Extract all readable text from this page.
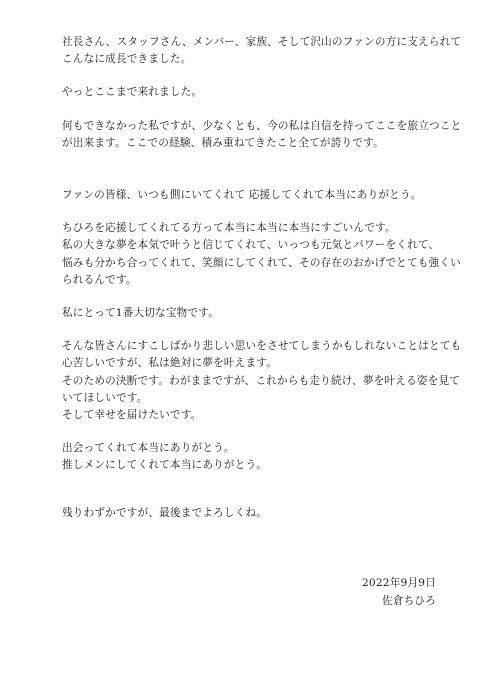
社長さん、スタッフさん、メンバー、家族、そして沢山のファンの方に支えられて
こんなに成長できました。

やっとここまで来れました。

何もできなかった私ですが、少なくとも、今の私は自信を持ってここを旅立つこと
が出来ます。ここでの経験、積み重ねてきたこと全てが誇りです。

ファンの皆様、いつも側にいてくれて 応援してくれて本当にありがとう。

ちひろを応援してくれてる方って本当に本当に本当にすごいんです。
私の大きな夢を本気で叶うと信じてくれて、いっつも元気とパワーをくれて、
悩みも分かち合ってくれて、笑顔にしてくれて、その存在のおかげでとても強くい
られるんです。

私にとって1番大切な宝物です。

そんな皆さんにすこしばかり悲しい思いをさせてしまうかもしれないことはとても
心苦しいですが、私は絶対に夢を叶えます。
そのための決断です。わがままですが、これからも走り続け、夢を叶える姿を見て
いてほしいです。
そして幸せを届けたいです。

出会ってくれて本当にありがとう。
推しメンにしてくれて本当にありがとう。

残りわずかですが、最後までよろしくね。

2022年9月9日
佐倉ちひろ
